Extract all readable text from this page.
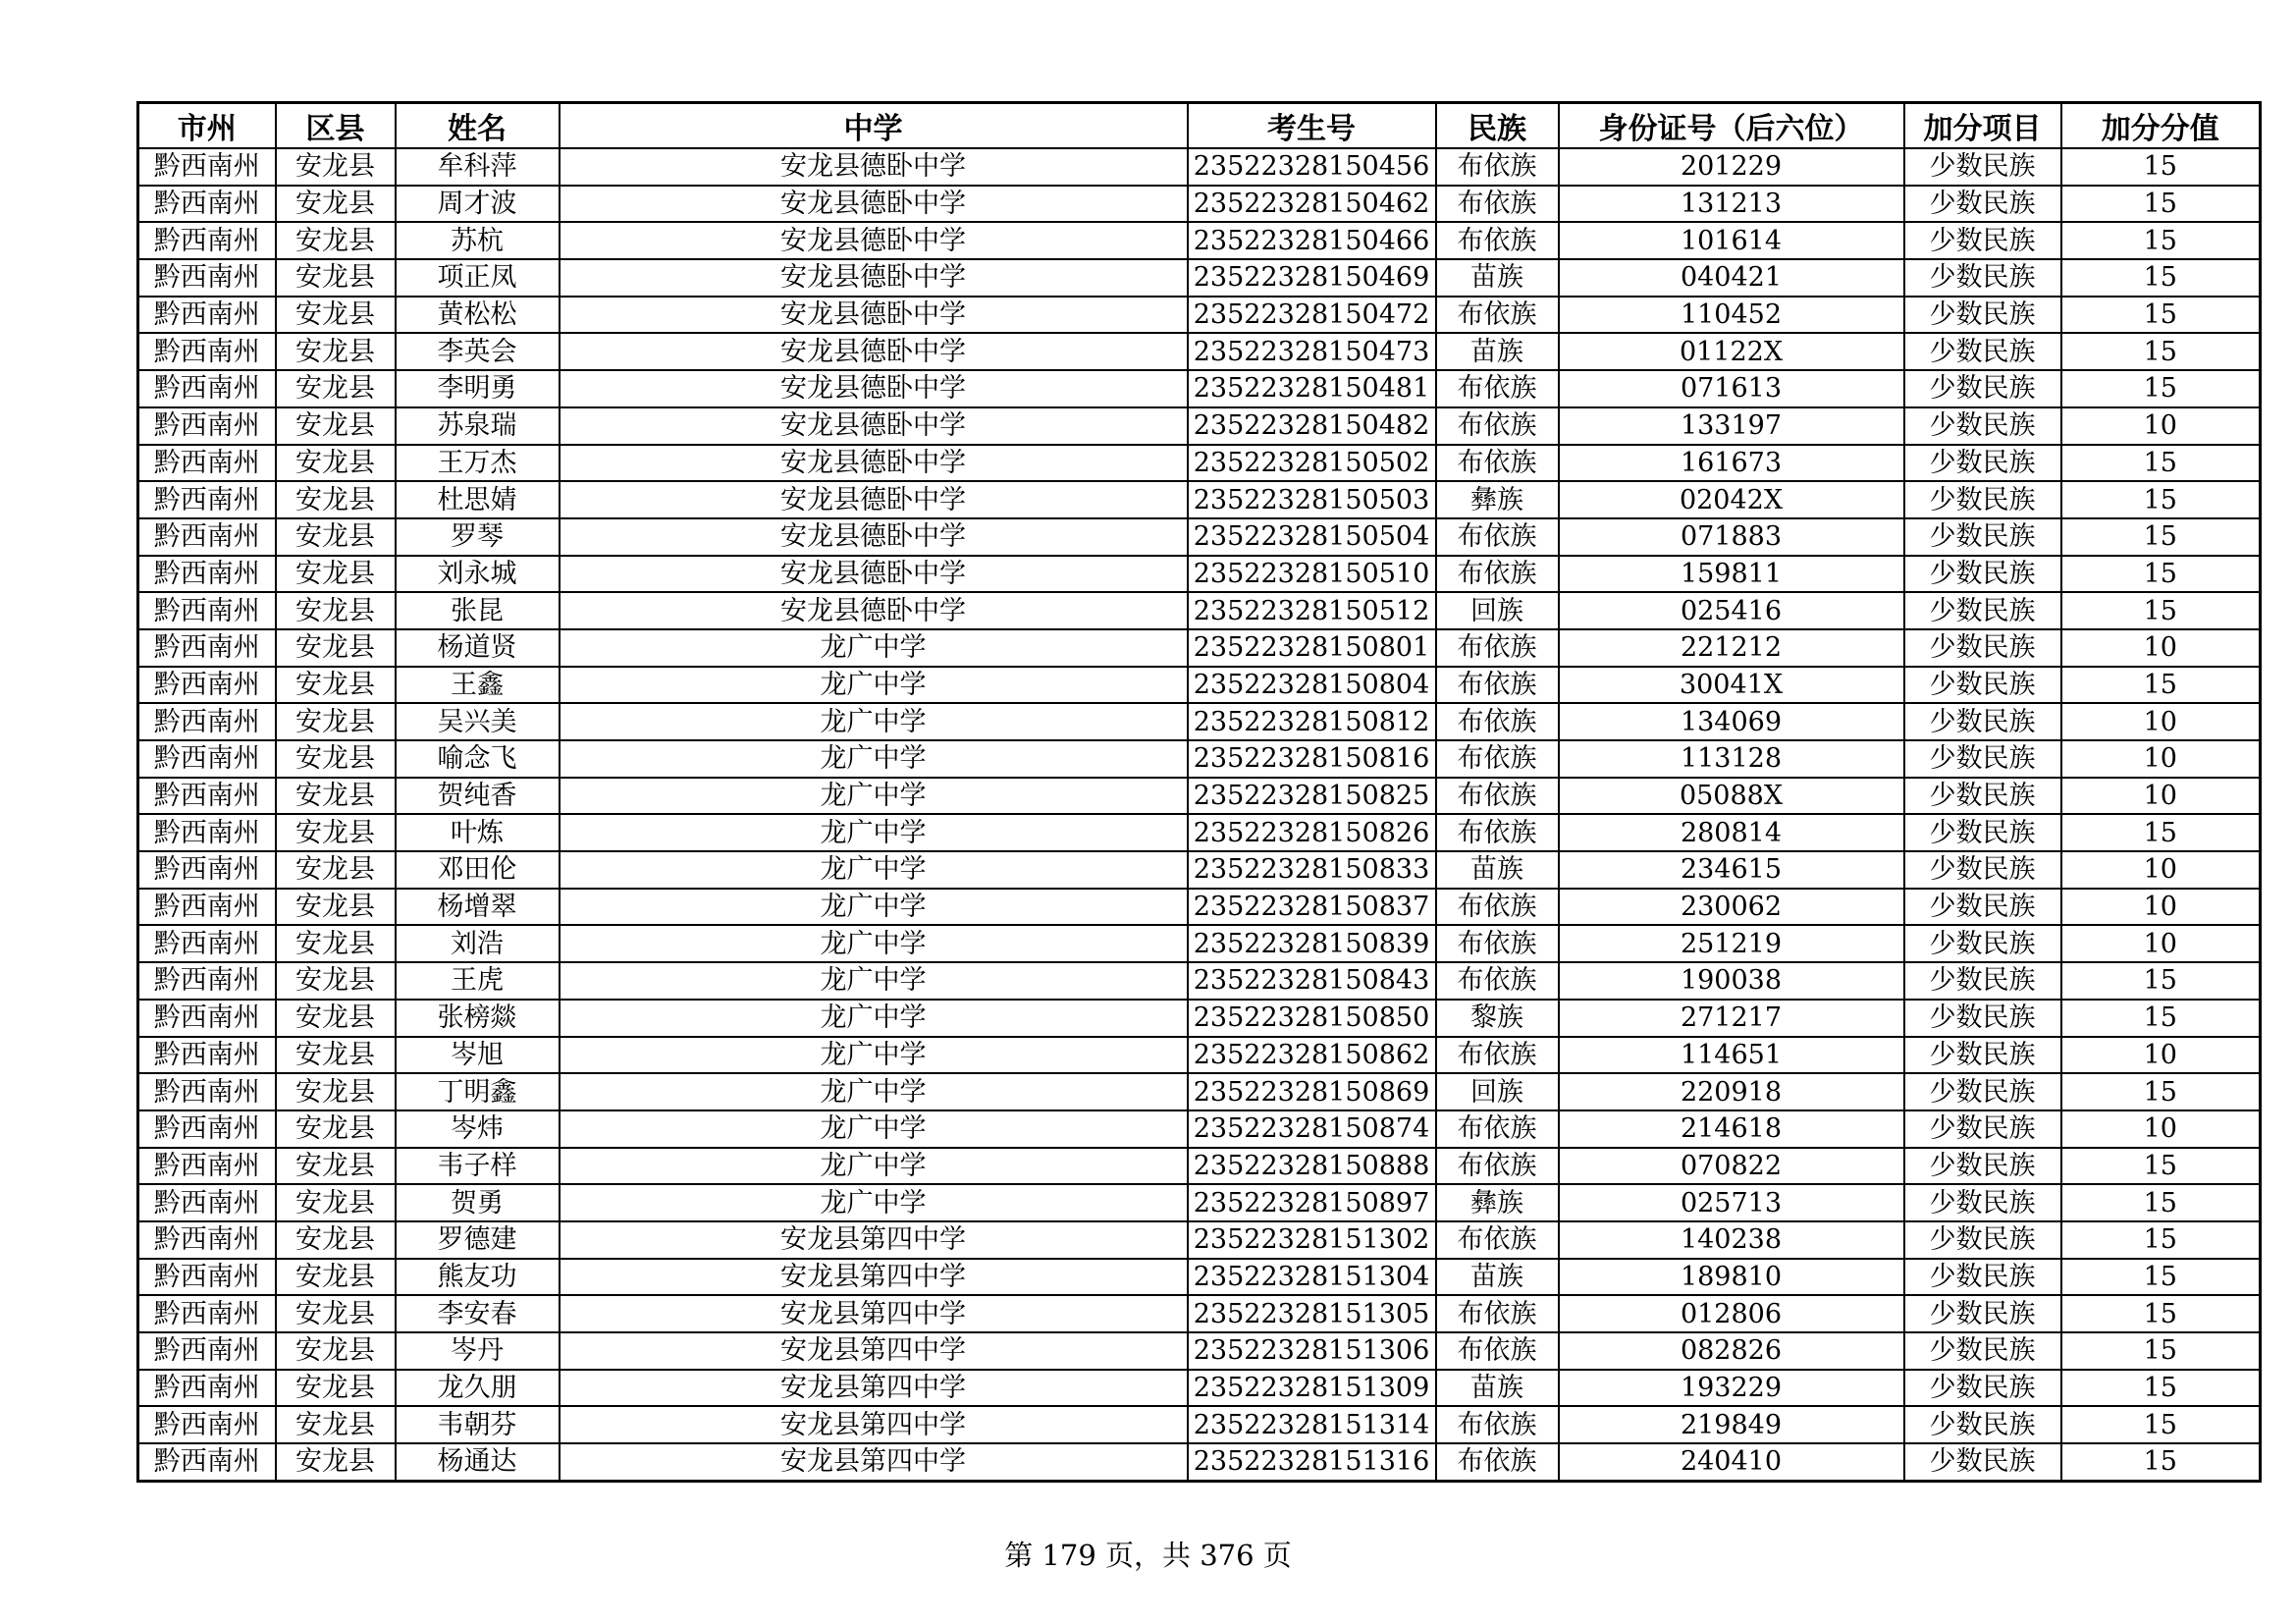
市州	区县	姓名	中学	考生号	民族	身份证号（后六位）	加分项目	加分分值
黔西南州	安龙县	牟科萍	安龙县德卧中学	23522328150456	布依族	201229	少数民族	15
黔西南州	安龙县	周才波	安龙县德卧中学	23522328150462	布依族	131213	少数民族	15
黔西南州	安龙县	苏杭	安龙县德卧中学	23522328150466	布依族	101614	少数民族	15
黔西南州	安龙县	项正凤	安龙县德卧中学	23522328150469	苗族	040421	少数民族	15
黔西南州	安龙县	黄松松	安龙县德卧中学	23522328150472	布依族	110452	少数民族	15
黔西南州	安龙县	李英会	安龙县德卧中学	23522328150473	苗族	01122X	少数民族	15
黔西南州	安龙县	李明勇	安龙县德卧中学	23522328150481	布依族	071613	少数民族	15
黔西南州	安龙县	苏泉瑞	安龙县德卧中学	23522328150482	布依族	133197	少数民族	10
黔西南州	安龙县	王万杰	安龙县德卧中学	23522328150502	布依族	161673	少数民族	15
黔西南州	安龙县	杜思婧	安龙县德卧中学	23522328150503	彝族	02042X	少数民族	15
黔西南州	安龙县	罗琴	安龙县德卧中学	23522328150504	布依族	071883	少数民族	15
黔西南州	安龙县	刘永城	安龙县德卧中学	23522328150510	布依族	159811	少数民族	15
黔西南州	安龙县	张昆	安龙县德卧中学	23522328150512	回族	025416	少数民族	15
黔西南州	安龙县	杨道贤	龙广中学	23522328150801	布依族	221212	少数民族	10
黔西南州	安龙县	王鑫	龙广中学	23522328150804	布依族	30041X	少数民族	15
黔西南州	安龙县	吴兴美	龙广中学	23522328150812	布依族	134069	少数民族	10
黔西南州	安龙县	喻念飞	龙广中学	23522328150816	布依族	113128	少数民族	10
黔西南州	安龙县	贺纯香	龙广中学	23522328150825	布依族	05088X	少数民族	10
黔西南州	安龙县	叶炼	龙广中学	23522328150826	布依族	280814	少数民族	15
黔西南州	安龙县	邓田伦	龙广中学	23522328150833	苗族	234615	少数民族	10
黔西南州	安龙县	杨增翠	龙广中学	23522328150837	布依族	230062	少数民族	10
黔西南州	安龙县	刘浩	龙广中学	23522328150839	布依族	251219	少数民族	10
黔西南州	安龙县	王虎	龙广中学	23522328150843	布依族	190038	少数民族	15
黔西南州	安龙县	张榜燚	龙广中学	23522328150850	黎族	271217	少数民族	15
黔西南州	安龙县	岑旭	龙广中学	23522328150862	布依族	114651	少数民族	10
黔西南州	安龙县	丁明鑫	龙广中学	23522328150869	回族	220918	少数民族	15
黔西南州	安龙县	岑炜	龙广中学	23522328150874	布依族	214618	少数民族	10
黔西南州	安龙县	韦子样	龙广中学	23522328150888	布依族	070822	少数民族	15
黔西南州	安龙县	贺勇	龙广中学	23522328150897	彝族	025713	少数民族	15
黔西南州	安龙县	罗德建	安龙县第四中学	23522328151302	布依族	140238	少数民族	15
黔西南州	安龙县	熊友功	安龙县第四中学	23522328151304	苗族	189810	少数民族	15
黔西南州	安龙县	李安春	安龙县第四中学	23522328151305	布依族	012806	少数民族	15
黔西南州	安龙县	岑丹	安龙县第四中学	23522328151306	布依族	082826	少数民族	15
黔西南州	安龙县	龙久朋	安龙县第四中学	23522328151309	苗族	193229	少数民族	15
黔西南州	安龙县	韦朝芬	安龙县第四中学	23522328151314	布依族	219849	少数民族	15
黔西南州	安龙县	杨通达	安龙县第四中学	23522328151316	布依族	240410	少数民族	15
第 179 页，共 376 页
